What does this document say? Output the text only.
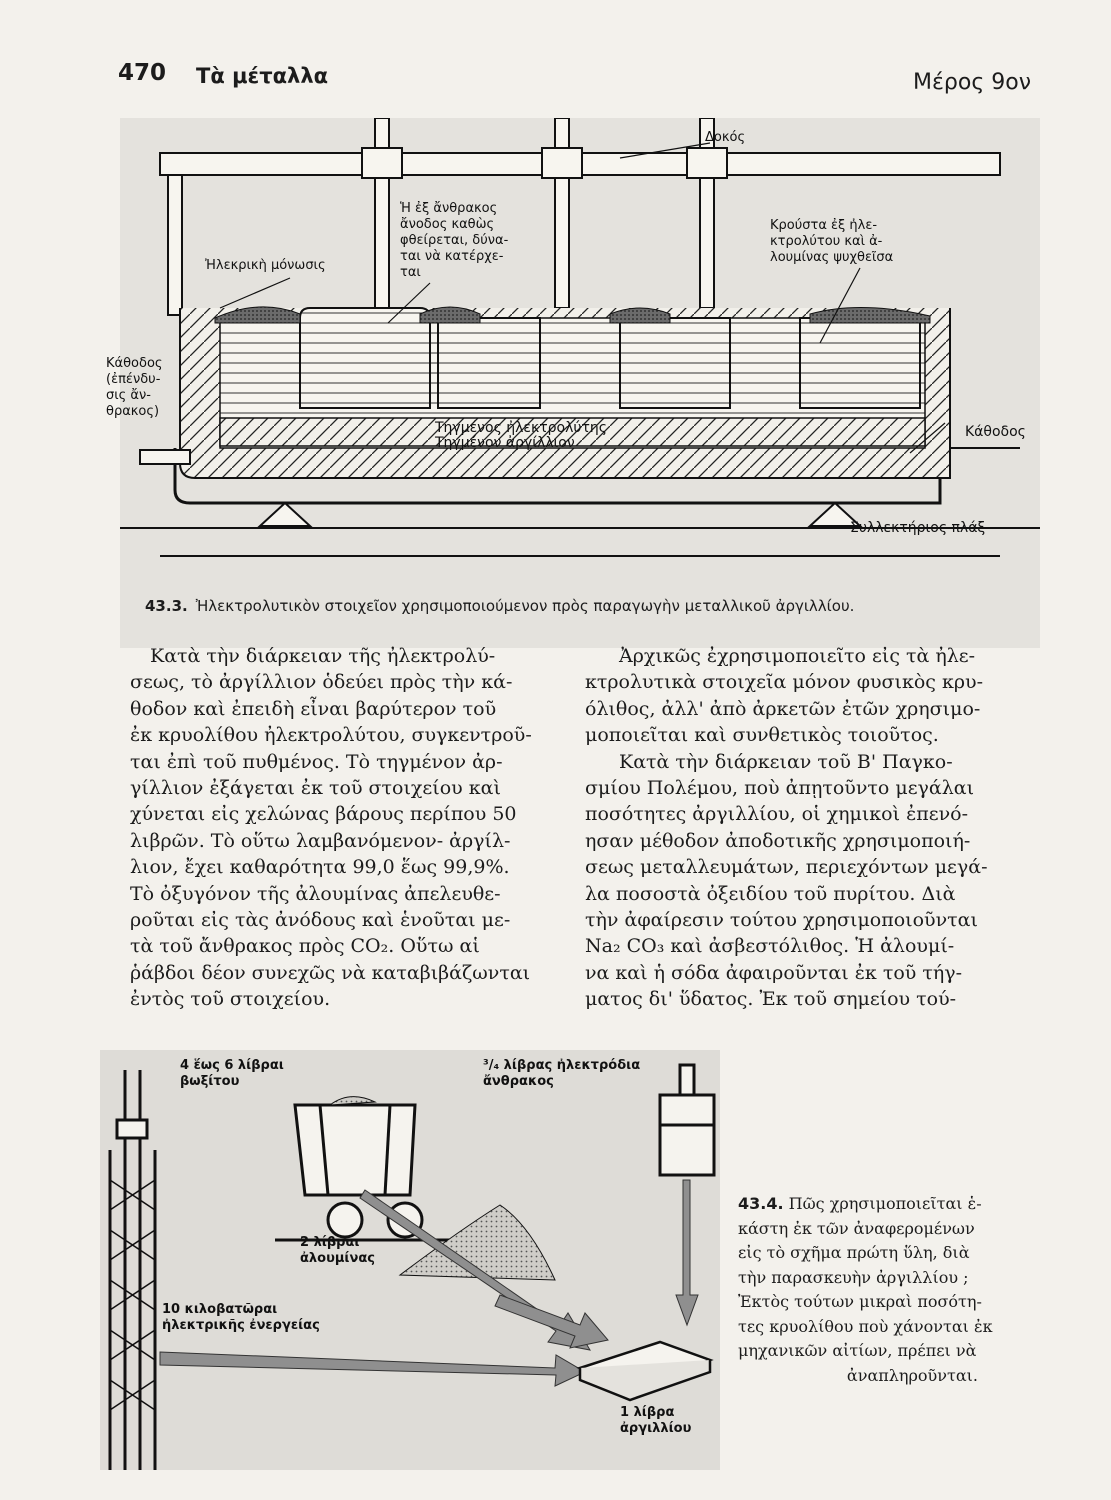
470 Τὰ μέταλλα	Μέρος 9ον
Δοκός
Ἡ ἐξ ἄνθρακος
ἄνοδος καθὼς
φθείρεται, δύνα-
ται νὰ κατέρχε-
ται
Ἠλεκρικὴ μόνωσις
Κρούστα ἐξ ἠλε-
κτρολύτου καὶ ἀ-
λουμίνας ψυχθεῖσα
Κάθοδος
(ἐπένδυ-
σις ἄν-
θρακος)
Τηγμένος ἠλεκτρολύτης
Τηγμένον ἀργίλλιον
Κάθοδος
Συλλεκτήριος πλάξ
43.3. Ἠλεκτρολυτικὸν στοιχεῖον χρησιμοποιούμενον πρὸς παραγωγὴν μεταλλικοῦ ἀργιλλίου.
Κατὰ τὴν διάρκειαν τῆς ἠλεκτρολύ-
σεως, τὸ ἀργίλλιον ὁδεύει πρὸς τὴν κά-
θοδον καὶ ἐπειδὴ εἶναι βαρύτερον τοῦ
ἐκ κρυολίθου ἠλεκτρολύτου, συγκεντροῦ-
ται ἐπὶ τοῦ πυθμένος. Τὸ τηγμένον ἀρ-
γίλλιον ἐξάγεται ἐκ τοῦ στοιχείου καὶ
χύνεται εἰς χελώνας βάρους περίπου 50
λιβρῶν. Τὸ οὕτω λαμβανόμενον- ἀργίλ-
λιον, ἔχει καθαρότητα 99,0 ἕως 99,9%.
Τὸ ὀξυγόνον τῆς ἀλουμίνας ἀπελευθε-
ροῦται εἰς τὰς ἀνόδους καὶ ἑνοῦται με-
τὰ τοῦ ἄνθρακος πρὸς CO₂. Οὕτω αἱ
ῥάβδοι δέον συνεχῶς νὰ καταβιβάζωνται
ἐντὸς τοῦ στοιχείου.
Ἀρχικῶς ἐχρησιμοποιεῖτο εἰς τὰ ἠλε-
κτρολυτικὰ στοιχεῖα μόνον φυσικὸς κρυ-
όλιθος, ἀλλ' ἀπὸ ἀρκετῶν ἐτῶν χρησιμο-
μοποιεῖται καὶ συνθετικὸς τοιοῦτος.
Κατὰ τὴν διάρκειαν τοῦ Β' Παγκο-
σμίου Πολέμου, ποὺ ἀπῃτοῦντο μεγάλαι
ποσότητες ἀργιλλίου, οἱ χημικοὶ ἐπενό-
ησαν μέθοδον ἀποδοτικῆς χρησιμοποιή-
σεως μεταλλευμάτων, περιεχόντων μεγά-
λα ποσοστὰ ὀξειδίου τοῦ πυρίτου. Διὰ
τὴν ἀφαίρεσιν τούτου χρησιμοποιοῦνται
Na₂ CO₃ καὶ ἀσβεστόλιθος. Ἡ ἀλουμί-
να καὶ ἡ σόδα ἀφαιροῦνται ἐκ τοῦ τήγ-
ματος δι' ὕδατος. Ἐκ τοῦ σημείου τού-
4 ἕως 6 λίβραι
βωξίτου
³/₄ λίβρας ἠλεκτρόδια
ἄνθρακος
2 λίβραι
ἀλουμίνας
10 κιλοβατῶραι
ἠλεκτρικῆς ἐνεργείας
1 λίβρα
ἀργιλλίου
43.4. Πῶς χρησιμοποιεῖται ἑ-
κάστη ἐκ τῶν ἀναφερομένων
εἰς τὸ σχῆμα πρώτη ὕλη, διὰ
τὴν παρασκευὴν ἀργιλλίου ;
Ἐκτὸς τούτων μικραὶ ποσότη-
τες κρυολίθου ποὺ χάνονται ἐκ
μηχανικῶν αἰτίων, πρέπει νὰ
ἀναπληροῦνται.
